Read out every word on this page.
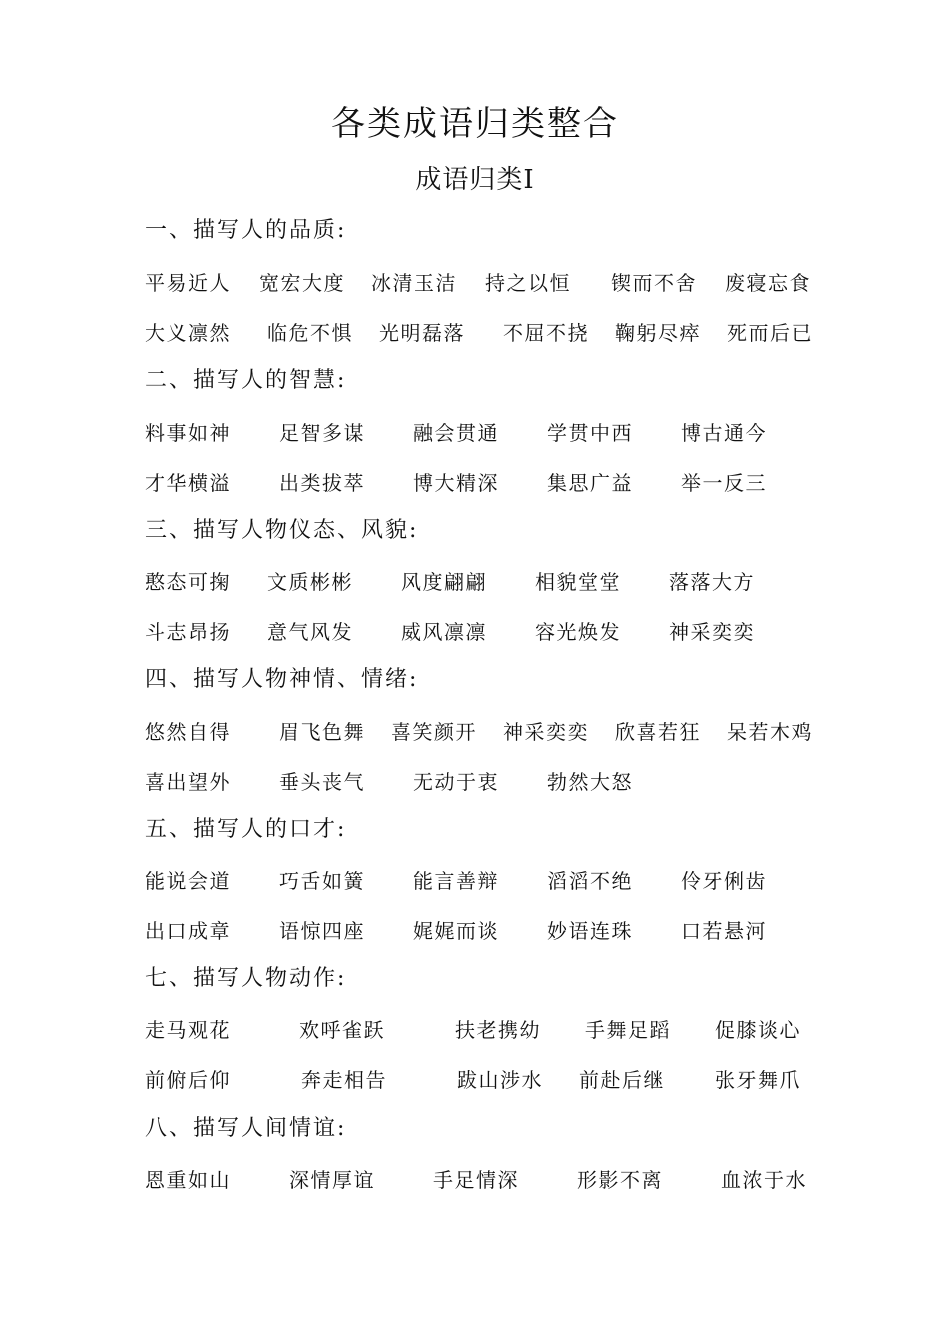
各类成语归类整合
成语归类Ⅰ
一、描写人的品质:
平易近人 宽宏大度 冰清玉洁 持之以恒 锲而不舍 废寝忘食
大义凛然 临危不惧 光明磊落 不屈不挠 鞠躬尽瘁 死而后已
二、描写人的智慧:
料事如神 足智多谋 融会贯通 学贯中西 博古通今
才华横溢 出类拔萃 博大精深 集思广益 举一反三
三、描写人物仪态、风貌:
憨态可掬 文质彬彬 风度翩翩 相貌堂堂 落落大方
斗志昂扬 意气风发 威风凛凛 容光焕发 神采奕奕
四、描写人物神情、情绪:
悠然自得 眉飞色舞 喜笑颜开 神采奕奕 欣喜若狂 呆若木鸡
喜出望外 垂头丧气 无动于衷 勃然大怒
五、描写人的口才:
能说会道 巧舌如簧 能言善辩 滔滔不绝 伶牙俐齿
出口成章 语惊四座 娓娓而谈 妙语连珠 口若悬河
七、描写人物动作:
走马观花	欢呼雀跃	扶老携幼 手舞足蹈 促膝谈心
前俯后仰	奔走相告	跋山涉水 前赴后继	张牙舞爪
八、描写人间情谊:
恩重如山	深情厚谊	手足情深	形影不离	血浓于水
